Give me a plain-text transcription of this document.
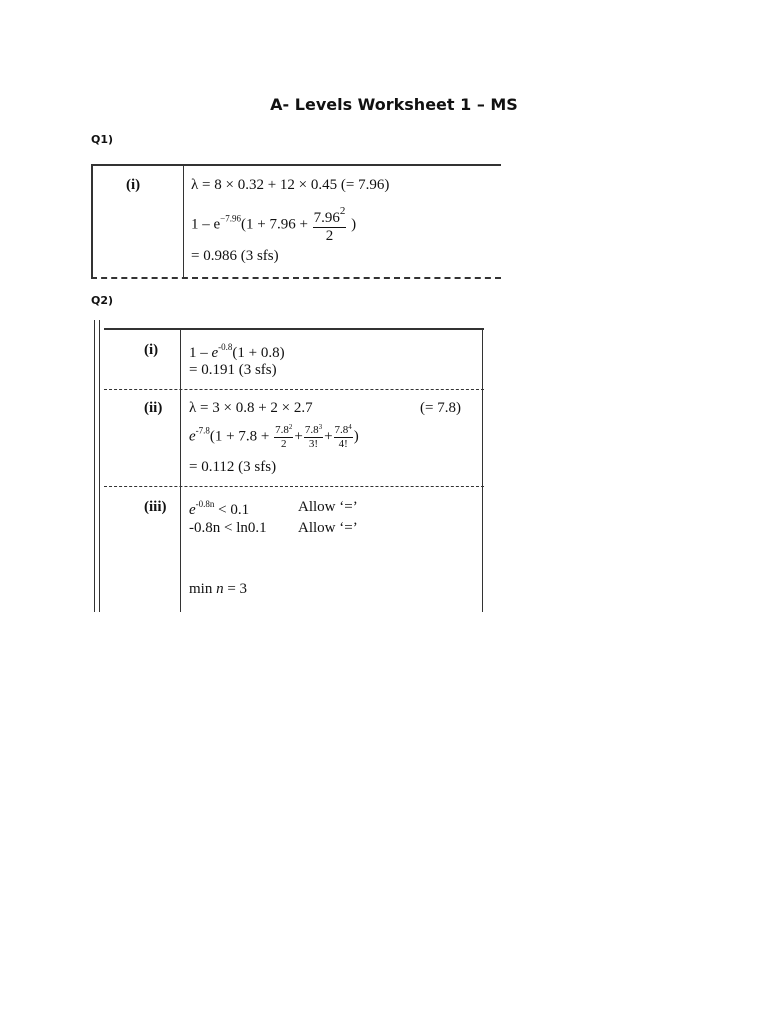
A- Levels Worksheet 1 – MS
Q1)
(i)	λ = 8 × 0.32 + 12 × 0.45 (= 7.96)
$1 - e^{-7.96}(1 + 7.96 + \frac{7.96^2}{2}$ )
= 0.986 (3 sfs)
Q2)
(i) $1 - e^{-0.8}(1 + 0.8)$
= 0.191 (3 sfs)
(ii) λ = 3 × 0.8 + 2 × 2.7	(= 7.8)
$e^{-7.8}(1 + 7.8 + \frac{7.8^2}{2} + \frac{7.8^3}{3!} + \frac{7.8^4}{4!}$ )
= 0.112 (3 sfs)
(iii) $e^{-0.8n} < 0.1$	Allow ‘=’
-0.8n < ln0.1 Allow ‘=’
min n = 3
